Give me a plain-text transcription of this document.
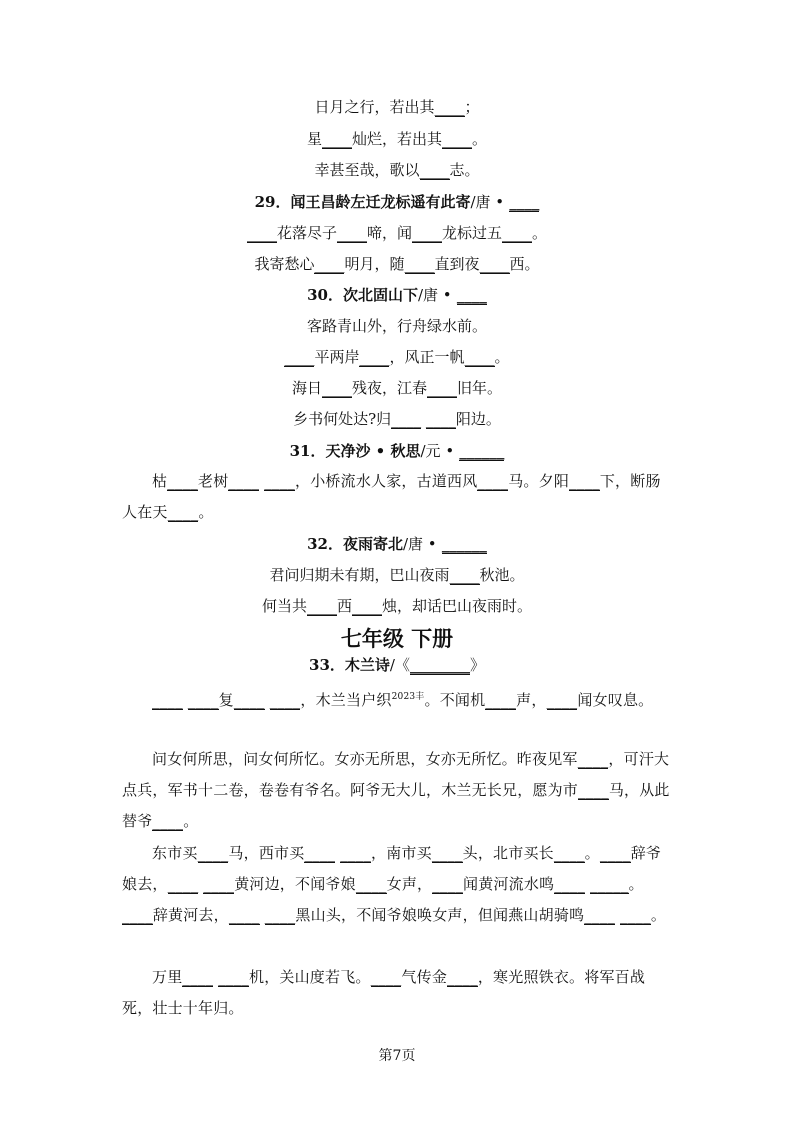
日月之行，若出其____；
星____灿烂，若出其____。
幸甚至哉，歌以____志。
29．闻王昌龄左迁龙标遥有此寄/唐 • ____
____花落尽子____啼，闻____龙标过五____。
我寄愁心____明月，随____直到夜____西。
30．次北固山下/唐 • ____
客路青山外，行舟绿水前。
____平两岸____，风正一帆____。
海日____残夜，江春____旧年。
乡书何处达?归____ ____阳边。
31．天净沙 • 秋思/元 • ______
枯____老树____ ____，小桥流水人家，古道西风____马。夕阳____下，断肠人在天____。
32．夜雨寄北/唐 • ______
君问归期未有期，巴山夜雨____秋池。
何当共____西____烛，却话巴山夜雨时。
七年级 下册
33．木兰诗/《________》
____ ____复____ ____，木兰当户织$^{2023丰}$。不闻机____声，____闻女叹息。
问女何所思，问女何所忆。女亦无所思，女亦无所忆。昨夜见军____，可汗大点兵，军书十二卷，卷卷有爷名。阿爷无大儿，木兰无长兄，愿为市____马，从此替爷____。
东市买____马，西市买____ ____，南市买____头，北市买长____。____辞爷娘去，____ ____黄河边，不闻爷娘____女声，____闻黄河流水鸣____ _____。____辞黄河去，____ ____黑山头，不闻爷娘唤女声，但闻燕山胡骑鸣____ ____。
万里____ ____机，关山度若飞。____气传金____，寒光照铁衣。将军百战死，壮士十年归。
第7页
